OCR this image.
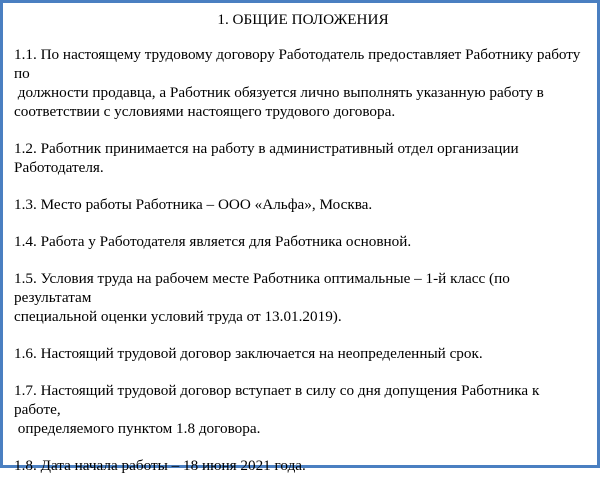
1. ОБЩИЕ ПОЛОЖЕНИЯ
1.1. По настоящему трудовому договору Работодатель предоставляет Работнику работу
по
должности продавца, а Работник обязуется лично выполнять указанную работу в
соответствии с условиями настоящего трудового договора.
1.2. Работник принимается на работу в административный отдел организации
Работодателя.
1.3. Место работы Работника – ООО «Альфа», Москва.
1.4. Работа у Работодателя является для Работника основной.
1.5. Условия труда на рабочем месте Работника оптимальные – 1-й класс (по
результатам
специальной оценки условий труда от 13.01.2019).
1.6. Настоящий трудовой договор заключается на неопределенный срок.
1.7. Настоящий трудовой договор вступает в силу со дня допущения Работника к
работе,
определяемого пунктом 1.8 договора.
1.8. Дата начала работы – 18 июня 2021 года.
